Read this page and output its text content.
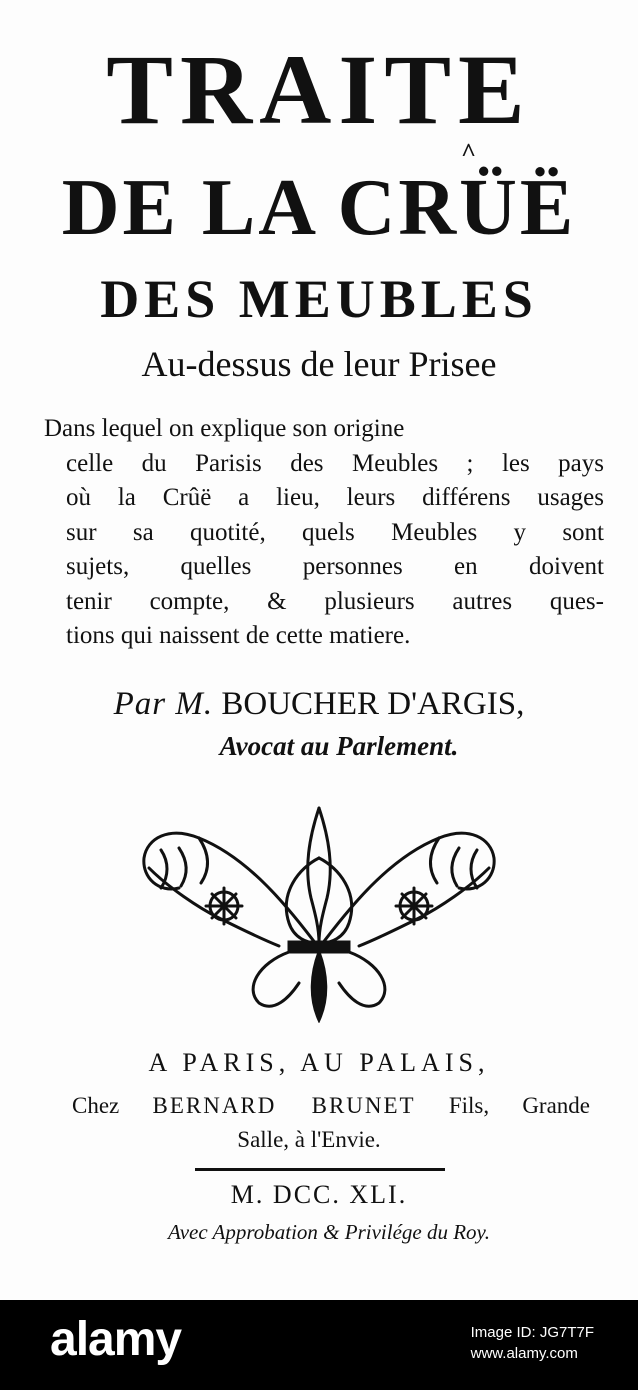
TRAITE
^
DE LA CRÜË
DES MEUBLES
Au-dessus de leur Prisee
Dans lequel on explique son origine
celle du Parisis des Meubles ; les pays
où la Crûë a lieu, leurs différens usages
sur sa quotité, quels Meubles y sont
sujets, quelles personnes en doivent
tenir compte, & plusieurs autres ques-
tions qui naissent de cette matiere.
Par M. BOUCHER D'ARGIS,
Avocat au Parlement.
A PARIS, AU PALAIS,
Chez BERNARD BRUNET Fils, Grande
Salle, à l'Envie.
M. DCC. XLI.
Avec Approbation & Privilége du Roy.
alamy	Image ID: JG7T7F
www.alamy.com
